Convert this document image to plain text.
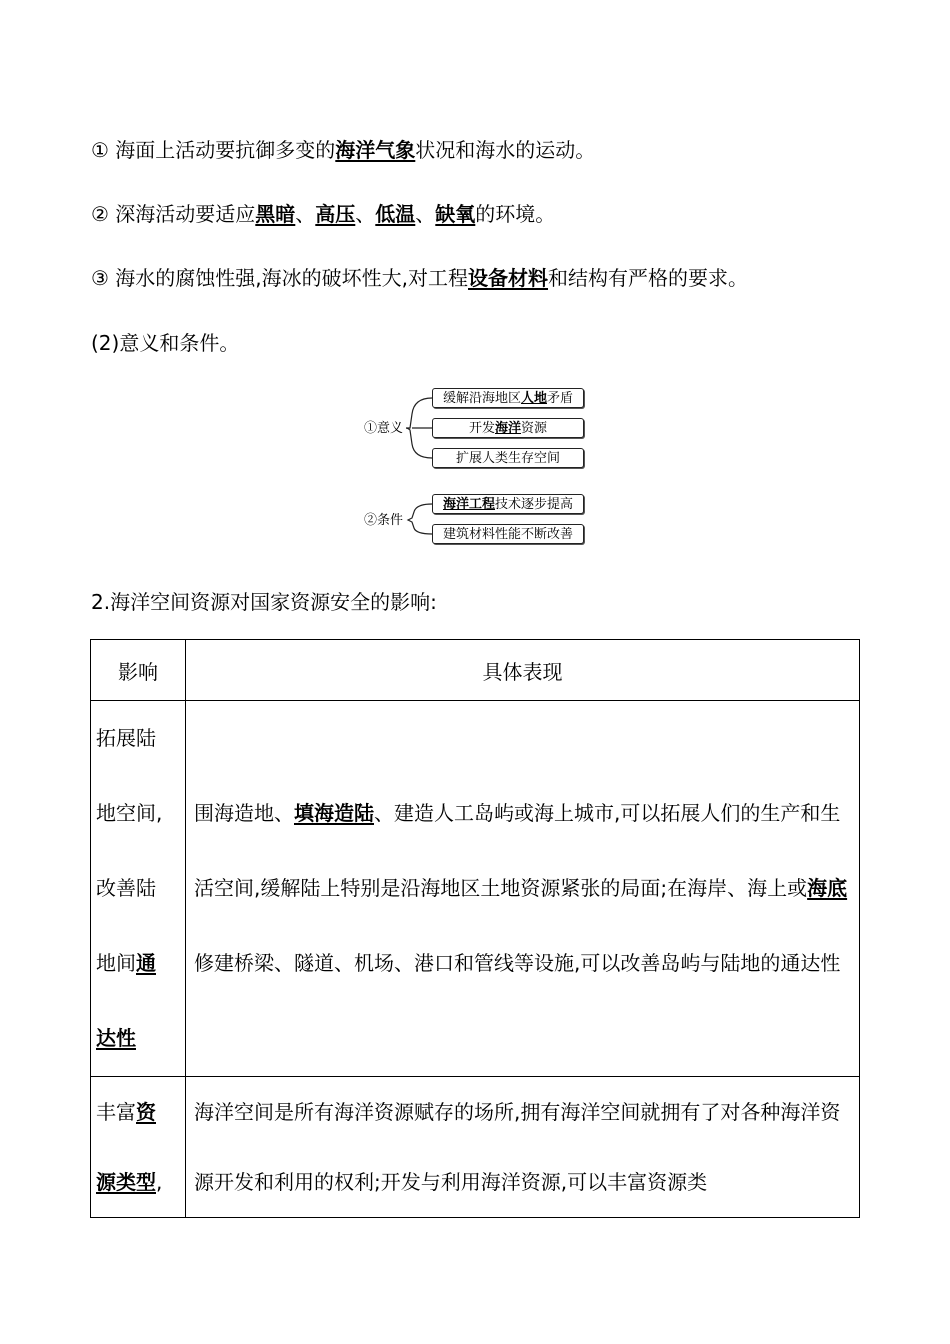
① 海面上活动要抗御多变的海洋气象状况和海水的运动。

② 深海活动要适应黑暗、高压、低温、缺氧的环境。

③ 海水的腐蚀性强,海冰的破坏性大,对工程设备材料和结构有严格的要求。

(2)意义和条件。

①意义
缓解沿海地区人地矛盾
开发海洋资源
扩展人类生存空间
②条件
海洋工程技术逐步提高
建筑材料性能不断改善

2.海洋空间资源对国家资源安全的影响:

影响	具体表现
拓展陆
地空间,
改善陆
地间通
达性	围海造地、填海造陆、建造人工岛屿或海上城市,可以拓展人们的生产和生活空间,缓解陆上特别是沿海地区土地资源紧张的局面;在海岸、海上或海底修建桥梁、隧道、机场、港口和管线等设施,可以改善岛屿与陆地的通达性
丰富资
源类型,	海洋空间是所有海洋资源赋存的场所,拥有海洋空间就拥有了对各种海洋资源开发和利用的权利;开发与利用海洋资源,可以丰富资源类
